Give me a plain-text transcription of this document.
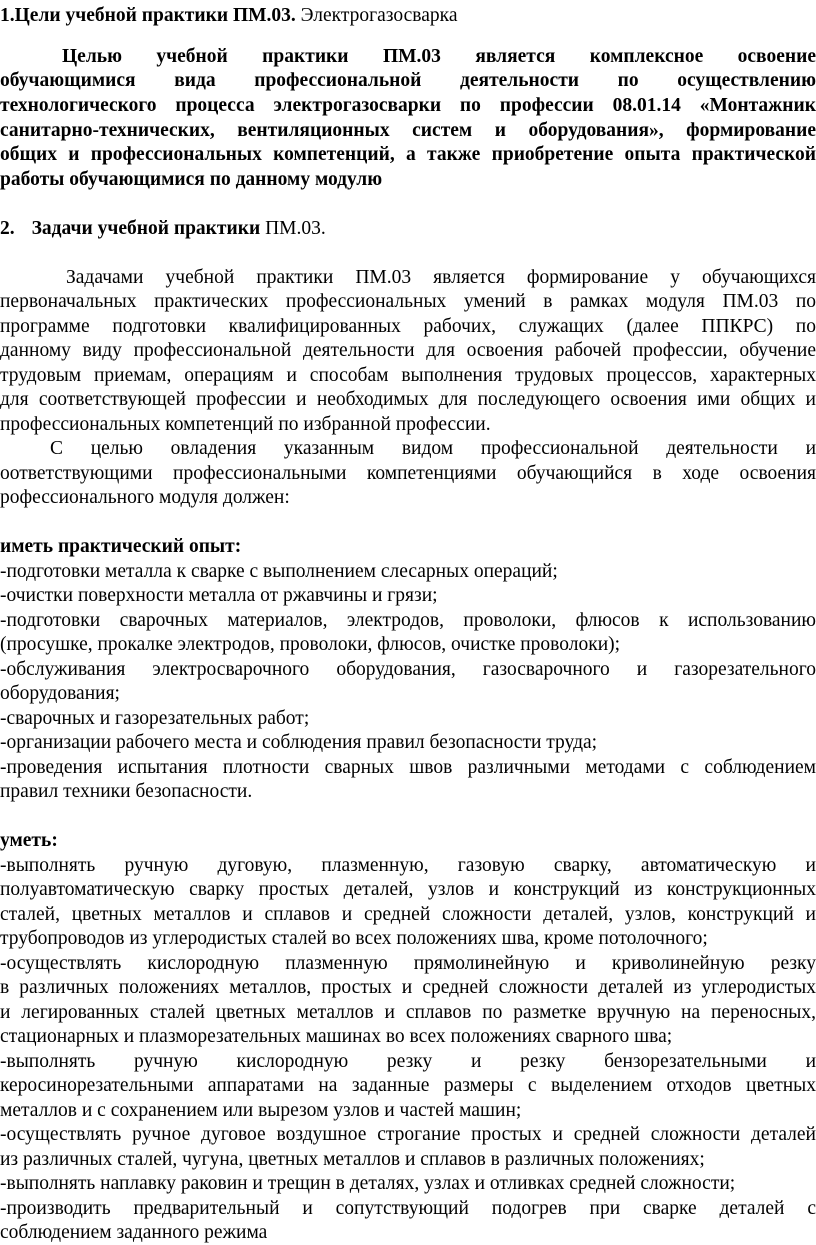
1.Цели учебной практики ПМ.03. Электрогазосварка
Целью учебной практики ПМ.03 является комплексное освоение
обучающимися вида профессиональной деятельности по осуществлению
технологического процесса электрогазосварки по профессии 08.01.14 «Монтажник
санитарно-технических, вентиляционных систем и оборудования», формирование
общих и профессиональных компетенций, а также приобретение опыта практической
работы обучающимися по данному модулю
2. Задачи учебной практики ПМ.03.
Задачами учебной практики ПМ.03 является формирование у обучающихся
первоначальных практических профессиональных умений в рамках модуля ПМ.03 по
программе подготовки квалифицированных рабочих, служащих (далее ППКРС) по
данному виду профессиональной деятельности для освоения рабочей профессии, обучение
трудовым приемам, операциям и способам выполнения трудовых процессов, характерных
для соответствующей профессии и необходимых для последующего освоения ими общих и
профессиональных компетенций по избранной профессии.
С целью овладения указанным видом профессиональной деятельности и
оответствующими профессиональными компетенциями обучающийся в ходе освоения
рофессионального модуля должен:
иметь практический опыт:
-подготовки металла к сварке с выполнением слесарных операций;
-очистки поверхности металла от ржавчины и грязи;
-подготовки сварочных материалов, электродов, проволоки, флюсов к использованию
(просушке, прокалке электродов, проволоки, флюсов, очистке проволоки);
-обслуживания электросварочного оборудования, газосварочного и газорезательного
оборудования;
-сварочных и газорезательных работ;
-организации рабочего места и соблюдения правил безопасности труда;
-проведения испытания плотности сварных швов различными методами с соблюдением
правил техники безопасности.
уметь:
-выполнять ручную дуговую, плазменную, газовую сварку, автоматическую и
полуавтоматическую сварку простых деталей, узлов и конструкций из конструкционных
сталей, цветных металлов и сплавов и средней сложности деталей, узлов, конструкций и
трубопроводов из углеродистых сталей во всех положениях шва, кроме потолочного;
-осуществлять кислородную плазменную прямолинейную и криволинейную резку
в различных положениях металлов, простых и средней сложности деталей из углеродистых
и легированных сталей цветных металлов и сплавов по разметке вручную на переносных,
стационарных и плазморезательных машинах во всех положениях сварного шва;
-выполнять ручную кислородную резку и резку бензорезательными и
керосинорезательными аппаратами на заданные размеры с выделением отходов цветных
металлов и с сохранением или вырезом узлов и частей машин;
-осуществлять ручное дуговое воздушное строгание простых и средней сложности деталей
из различных сталей, чугуна, цветных металлов и сплавов в различных положениях;
-выполнять наплавку раковин и трещин в деталях, узлах и отливках средней сложности;
-производить предварительный и сопутствующий подогрев при сварке деталей с
соблюдением заданного режима
